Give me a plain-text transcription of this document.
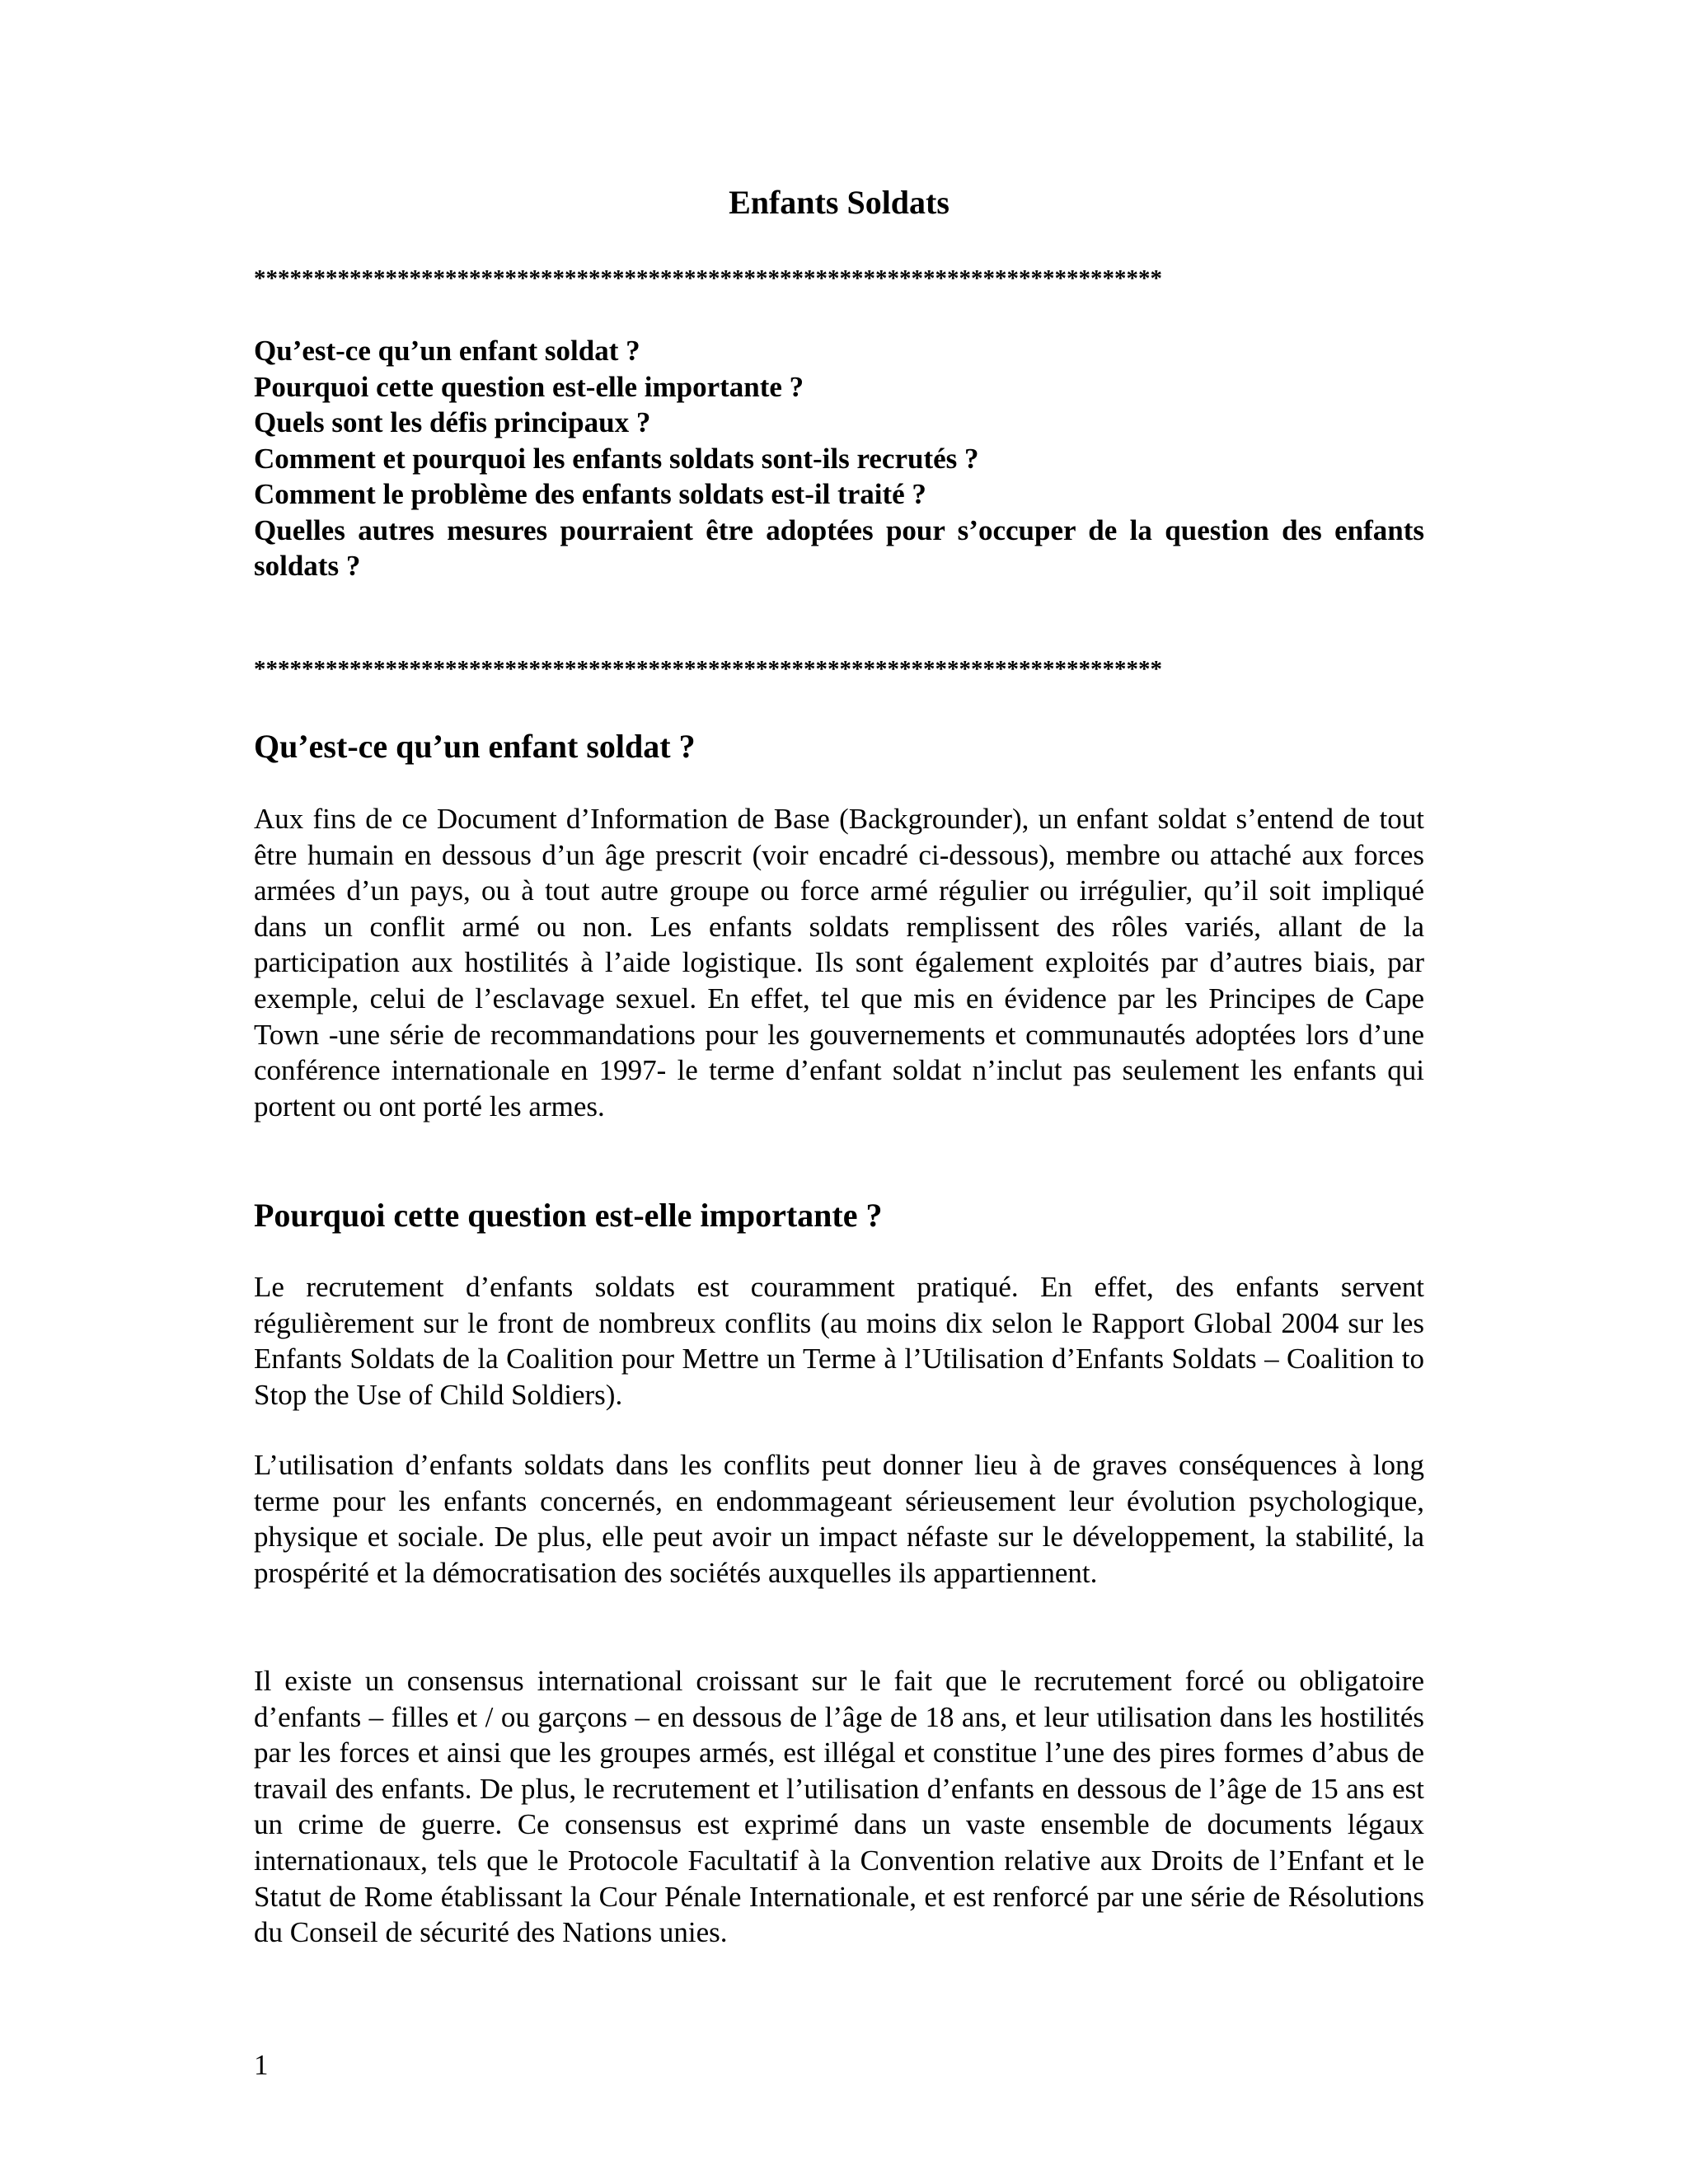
Enfants Soldats
****************************************************************************
Qu’est-ce qu’un enfant soldat ?
Pourquoi cette question est-elle importante ?
Quels sont les défis principaux ?
Comment et pourquoi les enfants soldats sont-ils recrutés ?
Comment le problème des enfants soldats est-il traité ?
Quelles autres mesures pourraient être adoptées pour s’occuper de la question des enfants soldats ?
****************************************************************************
Qu’est-ce qu’un enfant soldat ?

Aux fins de ce Document d’Information de Base (Backgrounder), un enfant soldat s’entend de tout être humain en dessous d’un âge prescrit (voir encadré ci-dessous), membre ou attaché aux forces armées d’un pays, ou à tout autre groupe ou force armé régulier ou irrégulier, qu’il soit impliqué dans un conflit armé ou non. Les enfants soldats remplissent des rôles variés, allant de la participation aux hostilités à l’aide logistique. Ils sont également exploités par d’autres biais, par exemple, celui de l’esclavage sexuel. En effet, tel que mis en évidence par les Principes de Cape Town -une série de recommandations pour les gouvernements et communautés adoptées lors d’une conférence internationale en 1997- le terme d’enfant soldat n’inclut pas seulement les enfants qui portent ou ont porté les armes.

Pourquoi cette question est-elle importante ?

Le recrutement d’enfants soldats est couramment pratiqué. En effet, des enfants servent régulièrement sur le front de nombreux conflits (au moins dix selon le Rapport Global 2004 sur les Enfants Soldats de la Coalition pour Mettre un Terme à l’Utilisation d’Enfants Soldats – Coalition to Stop the Use of Child Soldiers).

L’utilisation d’enfants soldats dans les conflits peut donner lieu à de graves conséquences à long terme pour les enfants concernés, en endommageant sérieusement leur évolution psychologique, physique et sociale. De plus, elle peut avoir un impact néfaste sur le développement, la stabilité, la prospérité et la démocratisation des sociétés auxquelles ils appartiennent.

Il existe un consensus international croissant sur le fait que le recrutement forcé ou obligatoire d’enfants – filles et / ou garçons – en dessous de l’âge de 18 ans, et leur utilisation dans les hostilités par les forces et ainsi que les groupes armés, est illégal et constitue l’une des pires formes d’abus de travail des enfants. De plus, le recrutement et l’utilisation d’enfants en dessous de l’âge de 15 ans est un crime de guerre. Ce consensus est exprimé dans un vaste ensemble de documents légaux internationaux, tels que le Protocole Facultatif à la Convention relative aux Droits de l’Enfant et le Statut de Rome établissant la Cour Pénale Internationale, et est renforcé par une série de Résolutions du Conseil de sécurité des Nations unies.

1
